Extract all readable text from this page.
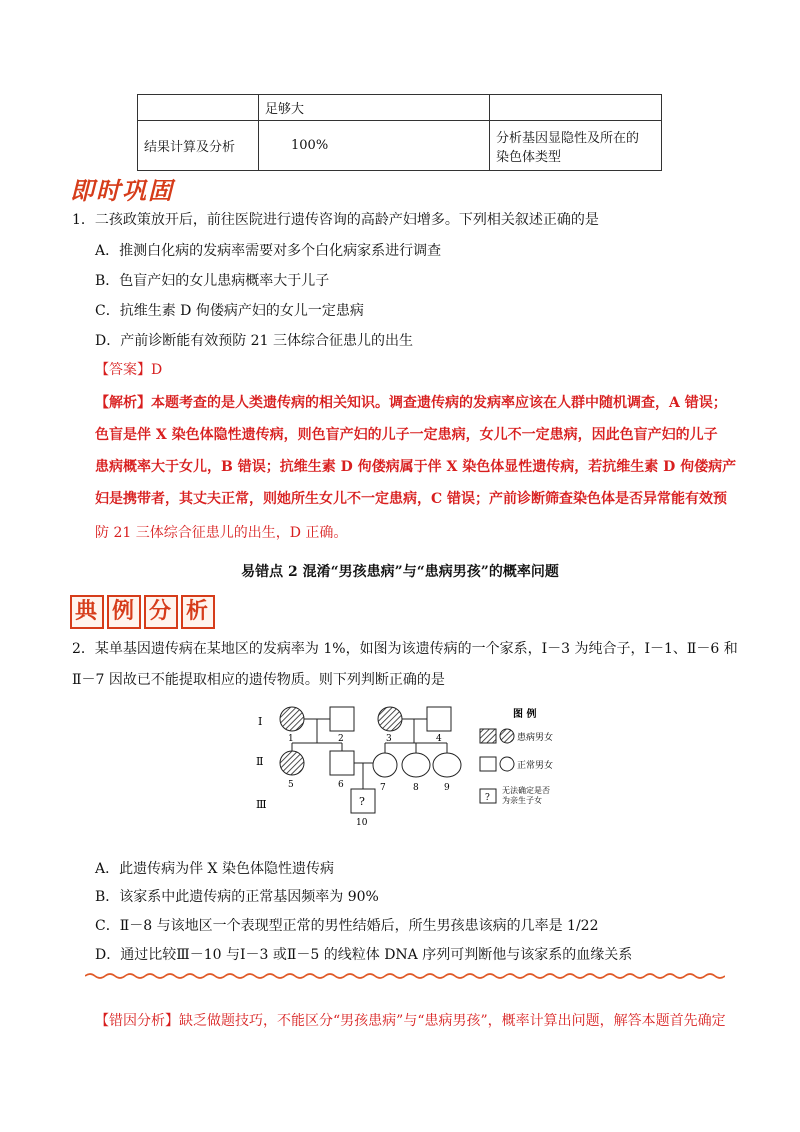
	足够大	
结果计算及分析	100%	分析基因显隐性及所在的
染色体类型
即时巩固
1．二孩政策放开后，前往医院进行遗传咨询的高龄产妇增多。下列相关叙述正确的是
A．推测白化病的发病率需要对多个白化病家系进行调查
B．色盲产妇的女儿患病概率大于儿子
C．抗维生素 D 佝偻病产妇的女儿一定患病
D．产前诊断能有效预防 21 三体综合征患儿的出生
【答案】D
【解析】本题考查的是人类遗传病的相关知识。调查遗传病的发病率应该在人群中随机调查，A 错误；
色盲是伴 X 染色体隐性遗传病，则色盲产妇的儿子一定患病，女儿不一定患病，因此色盲产妇的儿子
患病概率大于女儿，B 错误；抗维生素 D 佝偻病属于伴 X 染色体显性遗传病，若抗维生素 D 佝偻病产
妇是携带者，其丈夫正常，则她所生女儿不一定患病，C 错误；产前诊断筛查染色体是否异常能有效预
防 21 三体综合征患儿的出生，D 正确。
易错点 2 混淆“男孩患病”与“患病男孩”的概率问题
典 例 分 析
2．某单基因遗传病在某地区的发病率为 1%，如图为该遗传病的一个家系，Ⅰ－3 为纯合子，Ⅰ－1、Ⅱ－6 和
Ⅱ－7 因故已不能提取相应的遗传物质。则下列判断正确的是
Ⅰ
Ⅱ
Ⅲ
1	2	3	4
5	6	7	8	9
?
10
图 例
患病男女
正常男女
?
无法确定是否
为亲生子女
A．此遗传病为伴 X 染色体隐性遗传病
B．该家系中此遗传病的正常基因频率为 90%
C．Ⅱ－8 与该地区一个表现型正常的男性结婚后，所生男孩患该病的几率是 1/22
D．通过比较Ⅲ－10 与Ⅰ－3 或Ⅱ－5 的线粒体 DNA 序列可判断他与该家系的血缘关系
【错因分析】缺乏做题技巧，不能区分“男孩患病”与“患病男孩”，概率计算出问题，解答本题首先确定
